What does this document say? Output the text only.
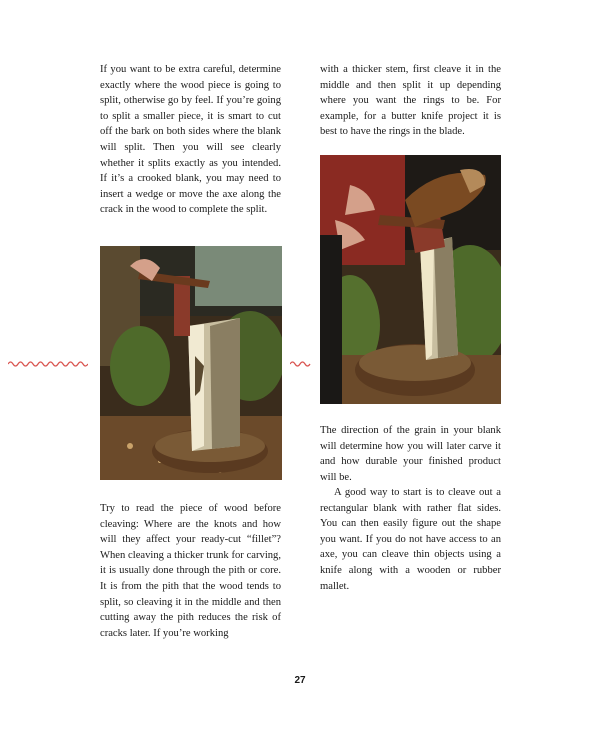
If you want to be extra careful, determine exactly where the wood piece is going to split, otherwise go by feel. If you’re going to split a smaller piece, it is smart to cut off the bark on both sides where the blank will split. Then you will see clearly whether it splits exactly as you intended. If it’s a crooked blank, you may need to insert a wedge or move the axe along the crack in the wood to complete the split.

with a thicker stem, first cleave it in the middle and then split it up depending where you want the rings to be. For example, for a butter knife project it is best to have the rings in the blade.

Try to read the piece of wood before cleaving: Where are the knots and how will they affect your ready-cut “fillet”? When cleaving a thicker trunk for carving, it is usually done through the pith or core. It is from the pith that the wood tends to split, so cleaving it in the middle and then cutting away the pith reduces the risk of cracks later. If you’re working

The direction of the grain in your blank will determine how you will later carve it and how durable your finished product will be.

A good way to start is to cleave out a rectangular blank with rather flat sides. You can then easily figure out the shape you want. If you do not have access to an axe, you can cleave thin objects using a knife along with a wooden or rubber mallet.

27
